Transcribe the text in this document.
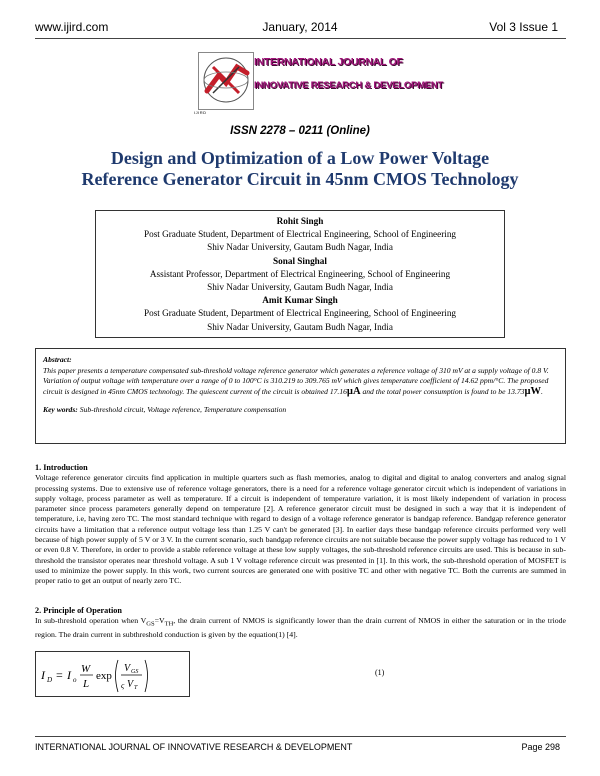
www.ijird.com	January, 2014	Vol 3 Issue 1
IJIRD
INTERNATIONAL JOURNAL OF
INNOVATIVE RESEARCH & DEVELOPMENT
ISSN 2278 – 0211 (Online)
Design and Optimization of a Low Power Voltage
Reference Generator Circuit in 45nm CMOS Technology
Rohit Singh
Post Graduate Student, Department of Electrical Engineering, School of Engineering
Shiv Nadar University, Gautam Budh Nagar, India
Sonal Singhal
Assistant Professor, Department of Electrical Engineering, School of Engineering
Shiv Nadar University, Gautam Budh Nagar, India
Amit Kumar Singh
Post Graduate Student, Department of Electrical Engineering, School of Engineering
Shiv Nadar University, Gautam Budh Nagar, India
Abstract:
This paper presents a temperature compensated sub-threshold voltage reference generator which generates a reference voltage of 310 mV at a supply voltage of 0.8 V. Variation of output voltage with temperature over a range of 0 to 100°C is 310.219 to 309.765 mV which gives temperature coefficient of 14.62 ppm/°C. The proposed circuit is designed in 45nm CMOS technology. The quiescent current of the circuit is obtained 17.16µA and the total power consumption is found to be 13.73µW.
Key words: Sub-threshold circuit, Voltage reference, Temperature compensation
1. Introduction
Voltage reference generator circuits find application in multiple quarters such as flash memories, analog to digital and digital to analog converters and analog signal processing systems. Due to extensive use of reference voltage generators, there is a need for a reference voltage generator circuit which is independent of variations in supply voltage, process parameter as well as temperature. If a circuit is independent of temperature variation, it is most likely independent of variation in process parameter since process parameters generally depend on temperature [2]. A reference generator circuit must be designed in such a way that it is independent of temperature, i.e, having zero TC. The most standard technique with regard to design of a voltage reference generator is bandgap reference. Bandgap reference generator circuits have a limitation that a reference output voltage less than 1.25 V can't be generated [3]. In earlier days these bandgap reference circuits performed very well because of high power supply of 5 V or 3 V. In the current scenario, such bandgap reference circuits are not suitable because the power supply voltage has reduced to 1 V or even 0.8 V. Therefore, in order to provide a stable reference voltage at these low supply voltages, the sub-threshold reference circuits are used. This is because in sub-threshold the transistor operates near threshold voltage. A sub 1 V voltage reference circuit was presented in [1]. In this work, the sub-threshold operation of MOSFET is used to minimize the power supply. In this work, two current sources are generated one with positive TC and other with negative TC. Both the currents are summed in proper ratio to get an output of nearly zero TC.
2. Principle of Operation
In sub-threshold operation when $V_{GS}=V_{TH}$, the drain current of NMOS is significantly lower than the drain current of NMOS in either the saturation or in the triode region. The drain current in subthreshold conduction is given by the equation(1) [4].
I D = I o
W
L
exp
V GS
ς V T
(1)
INTERNATIONAL JOURNAL OF INNOVATIVE RESEARCH & DEVELOPMENT	Page 298
